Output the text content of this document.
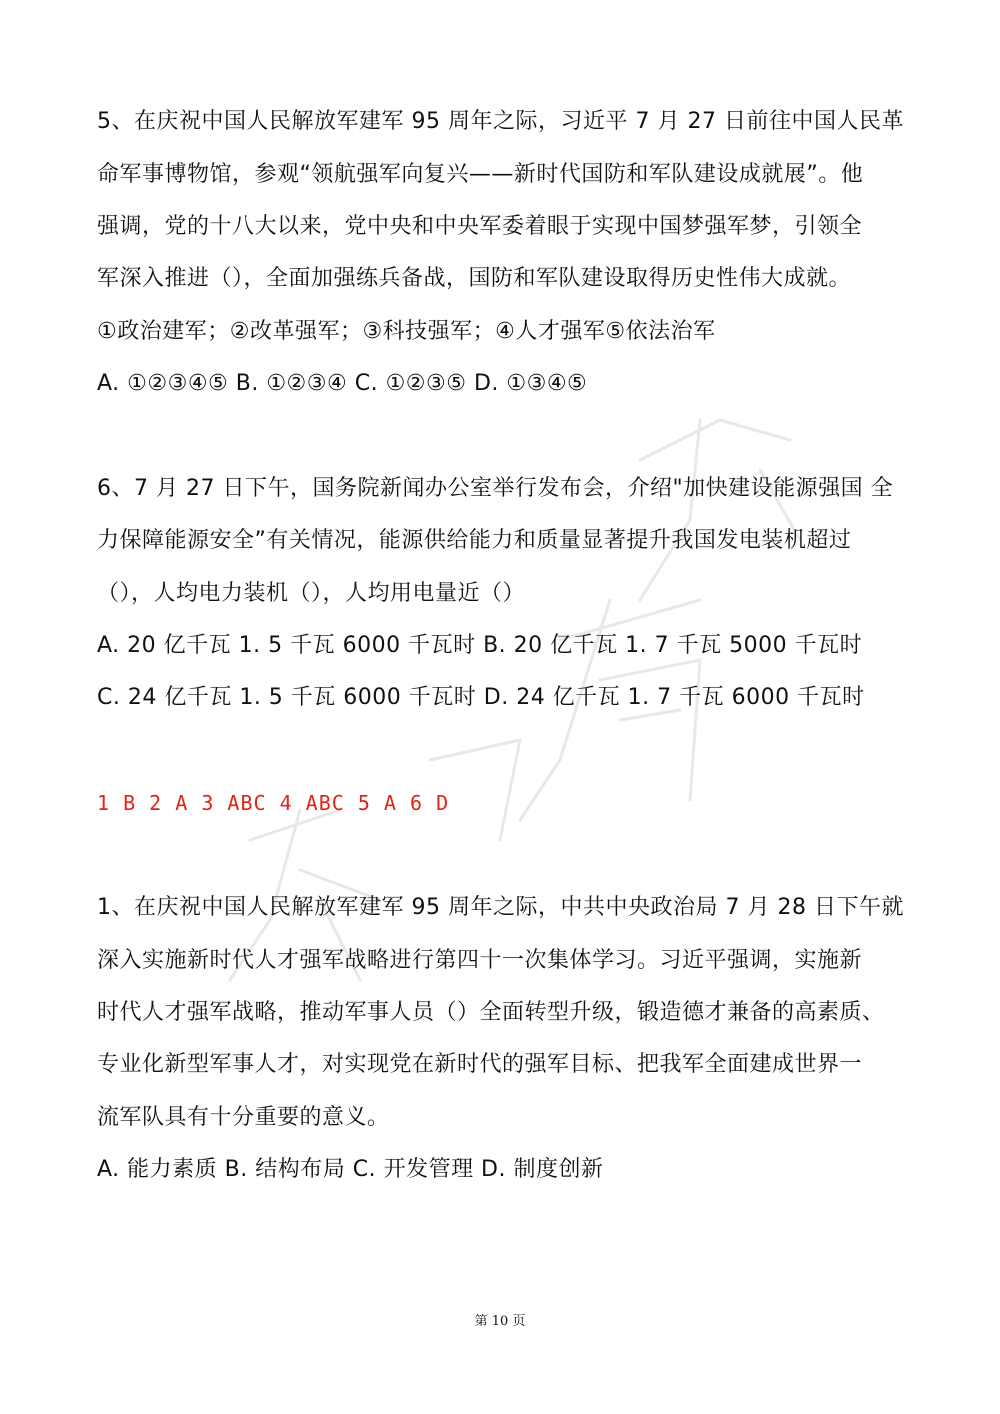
5、在庆祝中国人民解放军建军 95 周年之际，习近平 7 月 27 日前往中国人民革
命军事博物馆，参观“领航强军向复兴——新时代国防和军队建设成就展”。他
强调，党的十八大以来，党中央和中央军委着眼于实现中国梦强军梦，引领全
军深入推进（），全面加强练兵备战，国防和军队建设取得历史性伟大成就。
①政治建军；②改革强军；③科技强军；④人才强军⑤依法治军
A. ①②③④⑤ B. ①②③④ C. ①②③⑤ D. ①③④⑤
6、7 月 27 日下午，国务院新闻办公室举行发布会，介绍"加快建设能源强国 全
力保障能源安全”有关情况，能源供给能力和质量显著提升我国发电装机超过
（），人均电力装机（），人均用电量近（）
A. 20 亿千瓦 1. 5 千瓦 6000 千瓦时 B. 20 亿千瓦 1. 7 千瓦 5000 千瓦时
C. 24 亿千瓦 1. 5 千瓦 6000 千瓦时 D. 24 亿千瓦 1. 7 千瓦 6000 千瓦时
1 B 2 A 3 ABC 4 ABC 5 A 6 D
1、在庆祝中国人民解放军建军 95 周年之际，中共中央政治局 7 月 28 日下午就
深入实施新时代人才强军战略进行第四十一次集体学习。习近平强调，实施新
时代人才强军战略，推动军事人员（）全面转型升级，锻造德才兼备的高素质、
专业化新型军事人才，对实现党在新时代的强军目标、把我军全面建成世界一
流军队具有十分重要的意义。
A. 能力素质 B. 结构布局 C. 开发管理 D. 制度创新
第 10 页
